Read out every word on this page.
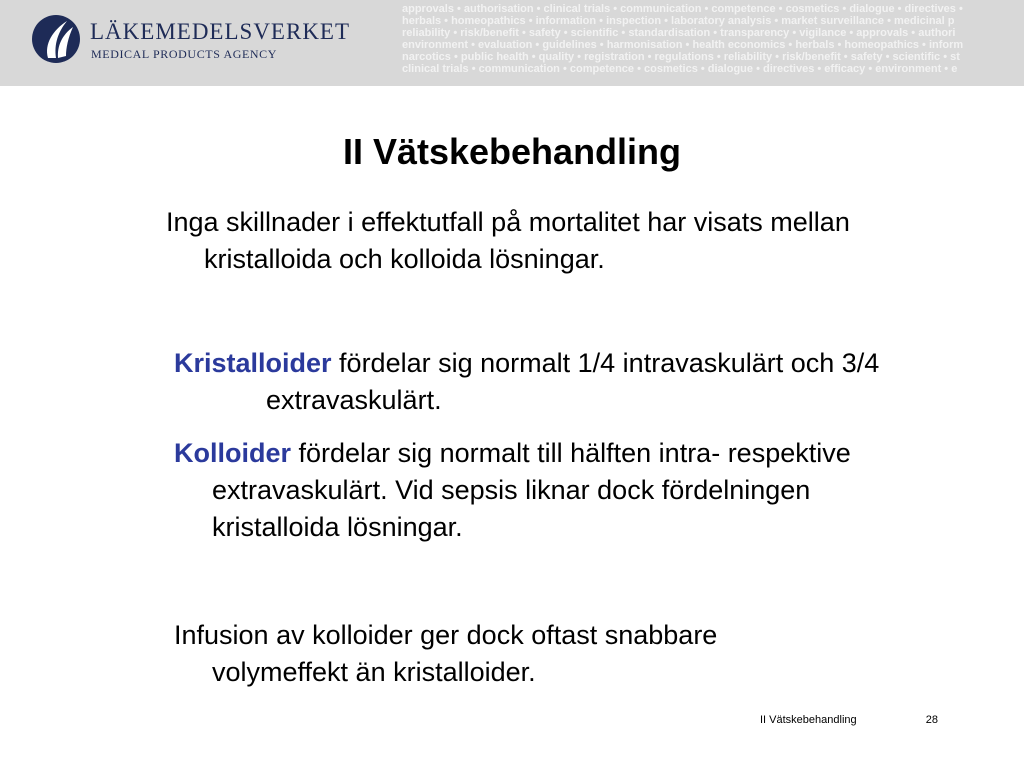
LÄKEMEDELSVERKET
MEDICAL PRODUCTS AGENCY
approvals • authorisation • clinical trials • communication • competence • cosmetics • dialogue • directives •
herbals • homeopathics • information • inspection • laboratory analysis • market surveillance • medicinal p
reliability • risk/benefit • safety • scientific • standardisation • transparency • vigilance • approvals • authori
environment • evaluation • guidelines • harmonisation • health economics • herbals • homeopathics • inform
narcotics • public health • quality • registration • regulations • reliability • risk/benefit • safety • scientific • st
clinical trials • communication • competence • cosmetics • dialogue • directives • efficacy • environment • e
II Vätskebehandling
Inga skillnader i effektutfall på mortalitet har visats mellan kristalloida och kolloida lösningar.
Kristalloider fördelar sig normalt 1/4 intravaskulärt och 3/4 extravaskulärt.
Kolloider fördelar sig normalt till hälften intra- respektive extravaskulärt. Vid sepsis liknar dock fördelningen kristalloida lösningar.
Infusion av kolloider ger dock oftast snabbare volymeffekt än kristalloider.
II Vätskebehandling	28
